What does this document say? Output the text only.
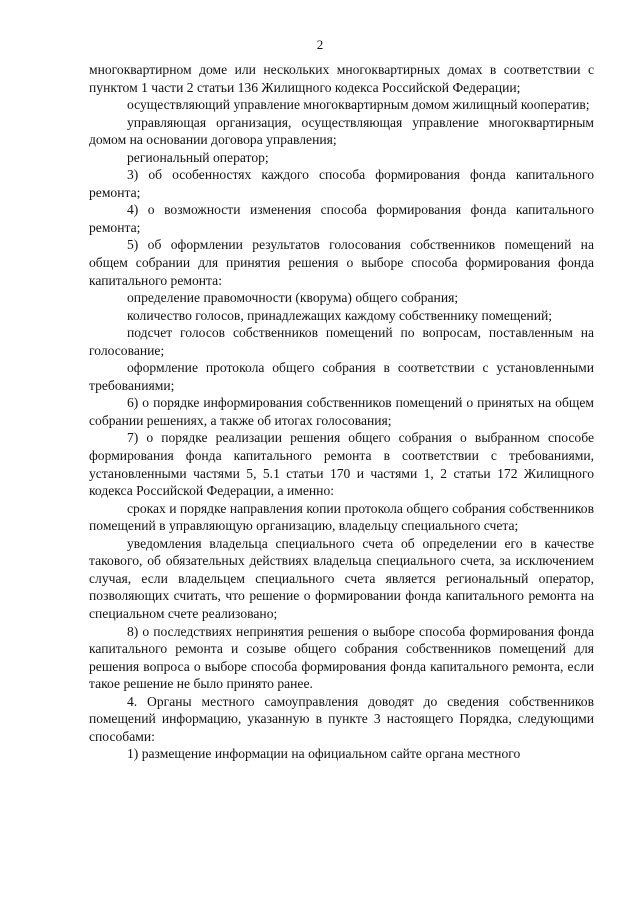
2

многоквартирном доме или нескольких многоквартирных домах в соответствии с пунктом 1 части 2 статьи 136 Жилищного кодекса Российской Федерации;

осуществляющий управление многоквартирным домом жилищный кооператив;

управляющая организация, осуществляющая управление многоквартирным домом на основании договора управления;

региональный оператор;

3) об особенностях каждого способа формирования фонда капитального ремонта;

4) о возможности изменения способа формирования фонда капитального ремонта;

5) об оформлении результатов голосования собственников помещений на общем собрании для принятия решения о выборе способа формирования фонда капитального ремонта:

определение правомочности (кворума) общего собрания;

количество голосов, принадлежащих каждому собственнику помещений;

подсчет голосов собственников помещений по вопросам, поставленным на голосование;

оформление протокола общего собрания в соответствии с установленными требованиями;

6) о порядке информирования собственников помещений о принятых на общем собрании решениях, а также об итогах голосования;

7) о порядке реализации решения общего собрания о выбранном способе формирования фонда капитального ремонта в соответствии с требованиями, установленными частями 5, 5.1 статьи 170 и частями 1, 2 статьи 172 Жилищного кодекса Российской Федерации, а именно:

сроках и порядке направления копии протокола общего собрания собственников помещений в управляющую организацию, владельцу специального счета;

уведомления владельца специального счета об определении его в качестве такового, об обязательных действиях владельца специального счета, за исключением случая, если владельцем специального счета является региональный оператор, позволяющих считать, что решение о формировании фонда капитального ремонта на специальном счете реализовано;

8) о последствиях непринятия решения о выборе способа формирования фонда капитального ремонта и созыве общего собрания собственников помещений для решения вопроса о выборе способа формирования фонда капитального ремонта, если такое решение не было принято ранее.

4. Органы местного самоуправления доводят до сведения собственников помещений информацию, указанную в пункте 3 настоящего Порядка, следующими способами:

1) размещение информации на официальном сайте органа местного
